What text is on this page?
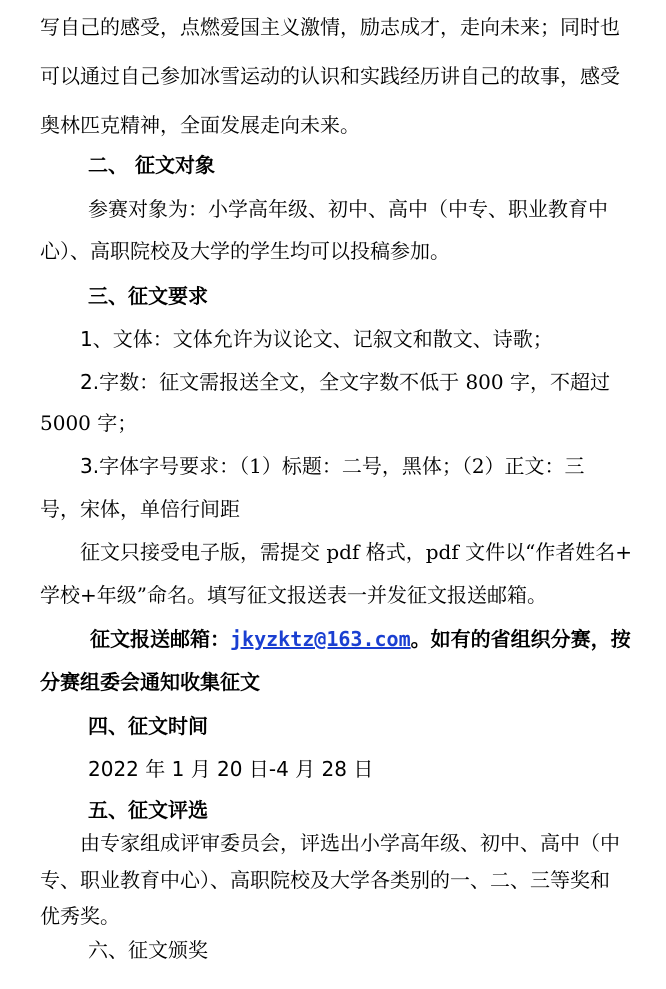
写自己的感受，点燃爱国主义激情，励志成才，走向未来；同时也
可以通过自己参加冰雪运动的认识和实践经历讲自己的故事，感受
奥林匹克精神，全面发展走向未来。
二、 征文对象
参赛对象为：小学高年级、初中、高中（中专、职业教育中
心）、高职院校及大学的学生均可以投稿参加。
三、征文要求
1、文体：文体允许为议论文、记叙文和散文、诗歌；
2.字数：征文需报送全文，全文字数不低于 800 字，不超过
5000 字；
3.字体字号要求：（1）标题：二号，黑体；（2）正文：三
号，宋体，单倍行间距
征文只接受电子版，需提交 pdf 格式，pdf 文件以“作者姓名+
学校+年级”命名。填写征文报送表一并发征文报送邮箱。
征文报送邮箱：jkyzktz@163.com。如有的省组织分赛，按
分赛组委会通知收集征文
四、征文时间
2022 年 1 月 20 日-4 月 28 日
五、征文评选
由专家组成评审委员会，评选出小学高年级、初中、高中（中
专、职业教育中心）、高职院校及大学各类别的一、二、三等奖和
优秀奖。
六、征文颁奖
